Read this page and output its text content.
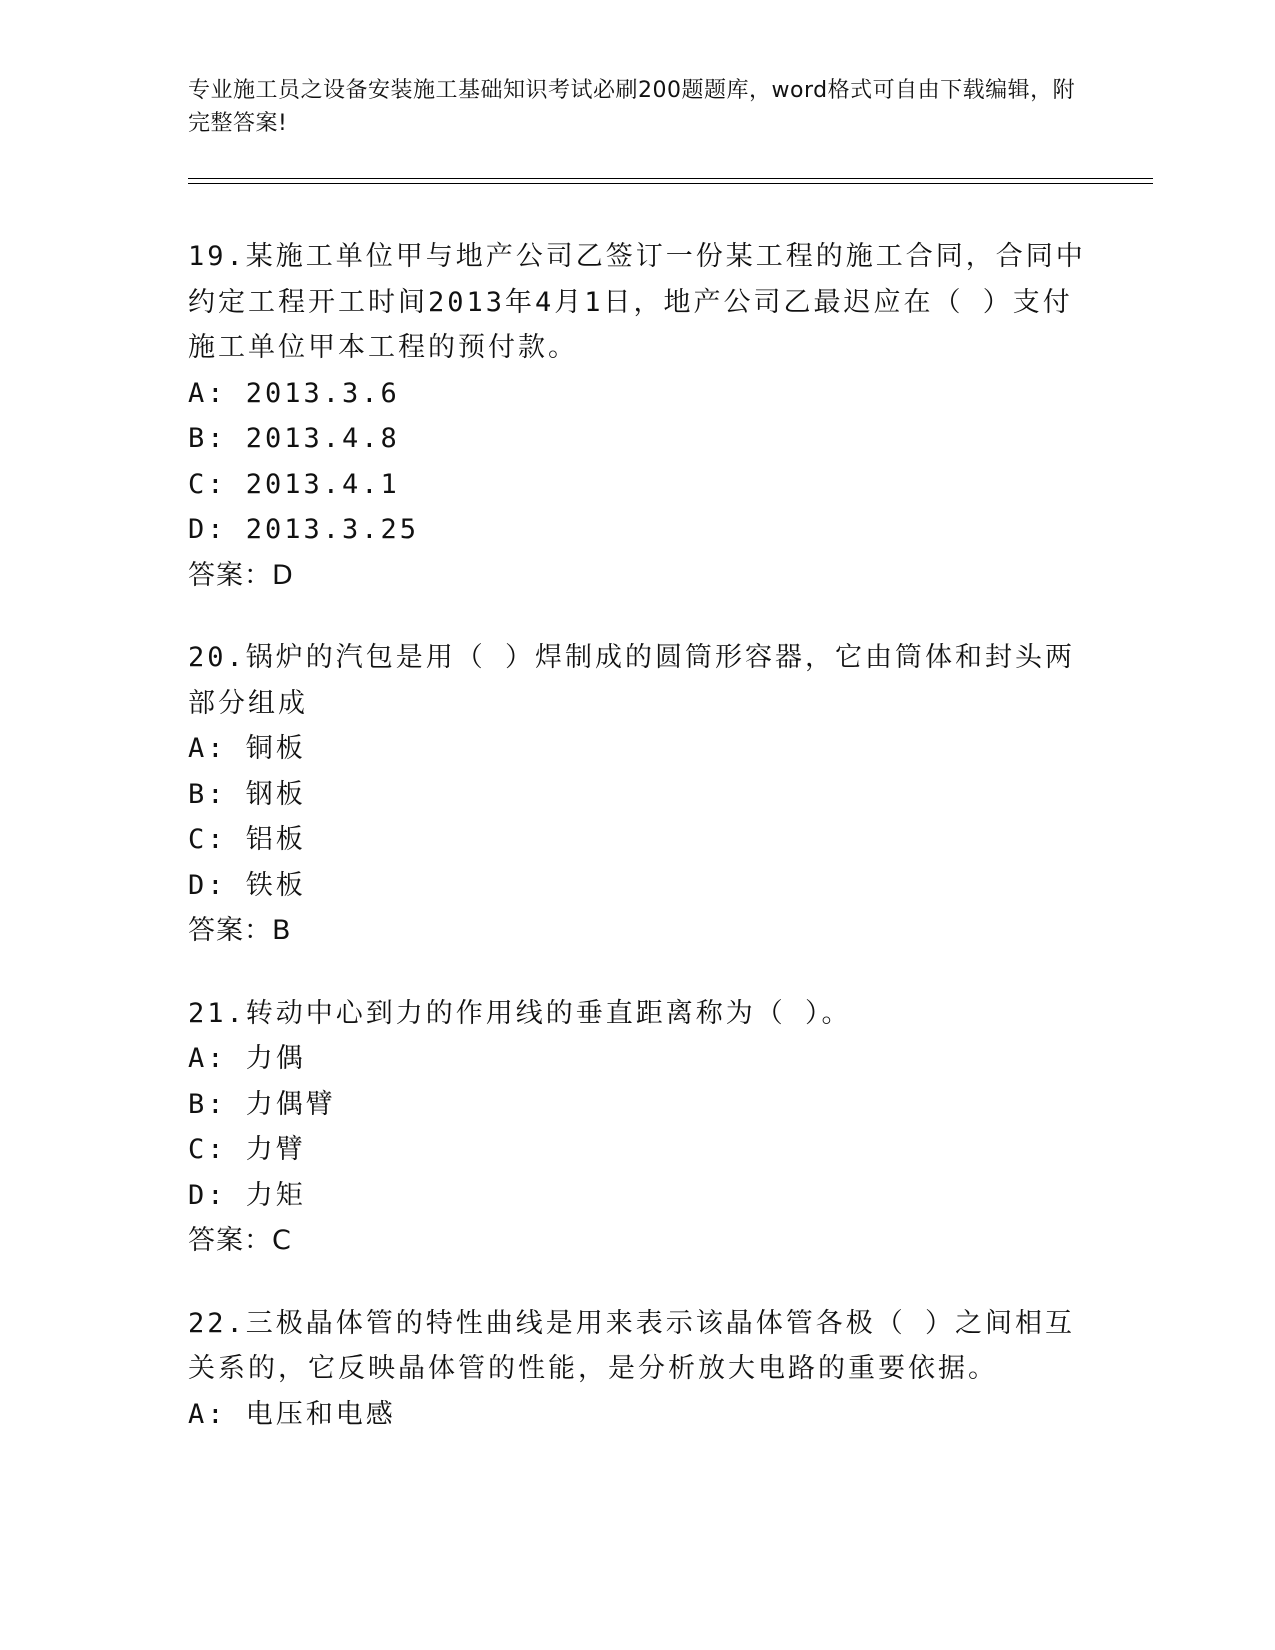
专业施工员之设备安装施工基础知识考试必刷200题题库，word格式可自由下载编辑，附完整答案!

19.某施工单位甲与地产公司乙签订一份某工程的施工合同，合同中约定工程开工时间2013年4月1日，地产公司乙最迟应在（ ）支付施工单位甲本工程的预付款。

A: 2013.3.6

B: 2013.4.8

C: 2013.4.1

D: 2013.3.25

答案：D

20.锅炉的汽包是用（ ）焊制成的圆筒形容器，它由筒体和封头两部分组成

A: 铜板

B: 钢板

C: 铝板

D: 铁板

答案：B

21.转动中心到力的作用线的垂直距离称为（ ）。

A: 力偶

B: 力偶臂

C: 力臂

D: 力矩

答案：C

22.三极晶体管的特性曲线是用来表示该晶体管各极（ ）之间相互关系的，它反映晶体管的性能，是分析放大电路的重要依据。

A: 电压和电感
